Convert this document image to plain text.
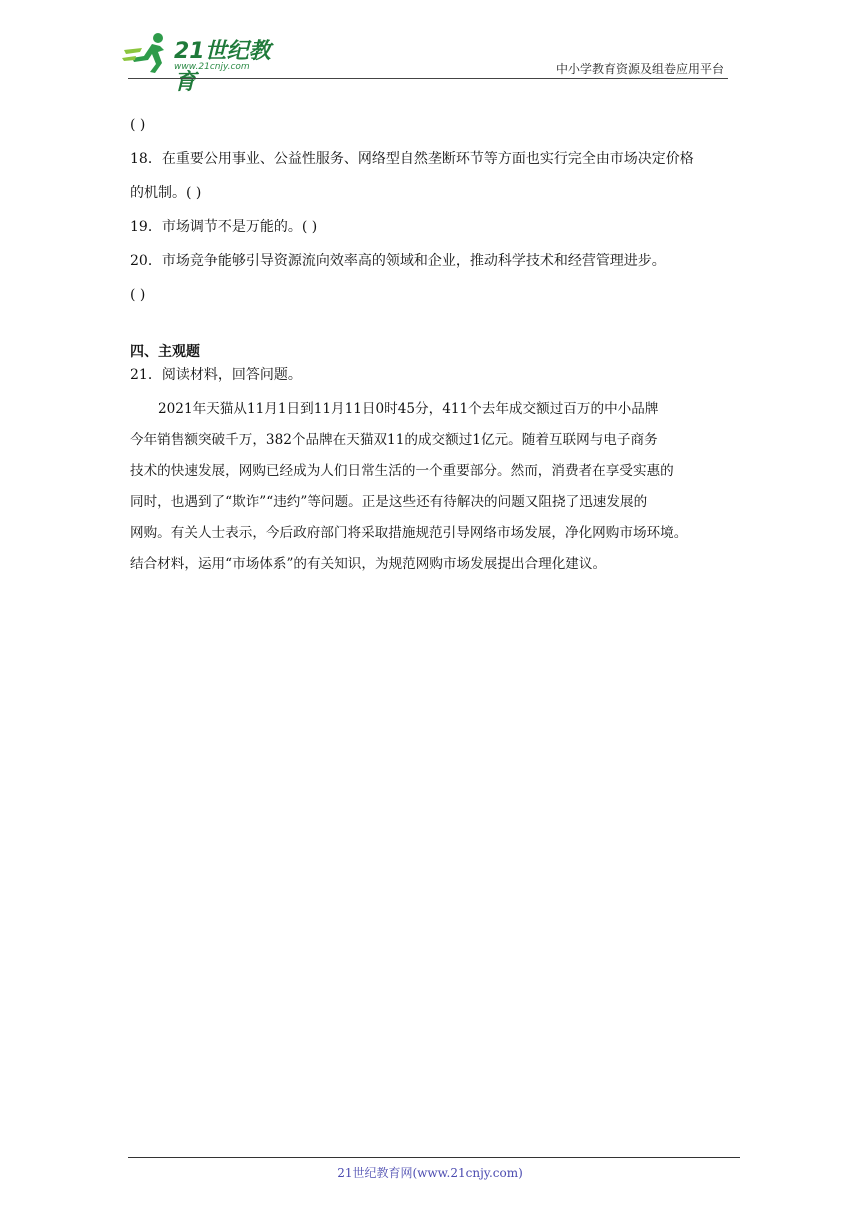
21世纪教育
www.21cnjy.com	中小学教育资源及组卷应用平台
( )
18．在重要公用事业、公益性服务、网络型自然垄断环节等方面也实行完全由市场决定价格
的机制。( )
19．市场调节不是万能的。( )
20．市场竞争能够引导资源流向效率高的领域和企业，推动科学技术和经营管理进步。
( )
四、主观题
21．阅读材料，回答问题。
2021年天猫从11月1日到11月11日0时45分，411个去年成交额过百万的中小品牌
今年销售额突破千万，382个品牌在天猫双11的成交额过1亿元。随着互联网与电子商务
技术的快速发展，网购已经成为人们日常生活的一个重要部分。然而，消费者在享受实惠的
同时，也遇到了“欺诈”“违约”等问题。正是这些还有待解决的问题又阻挠了迅速发展的
网购。有关人士表示，今后政府部门将采取措施规范引导网络市场发展，净化网购市场环境。
结合材料，运用“市场体系”的有关知识，为规范网购市场发展提出合理化建议。
21世纪教育网(www.21cnjy.com)
